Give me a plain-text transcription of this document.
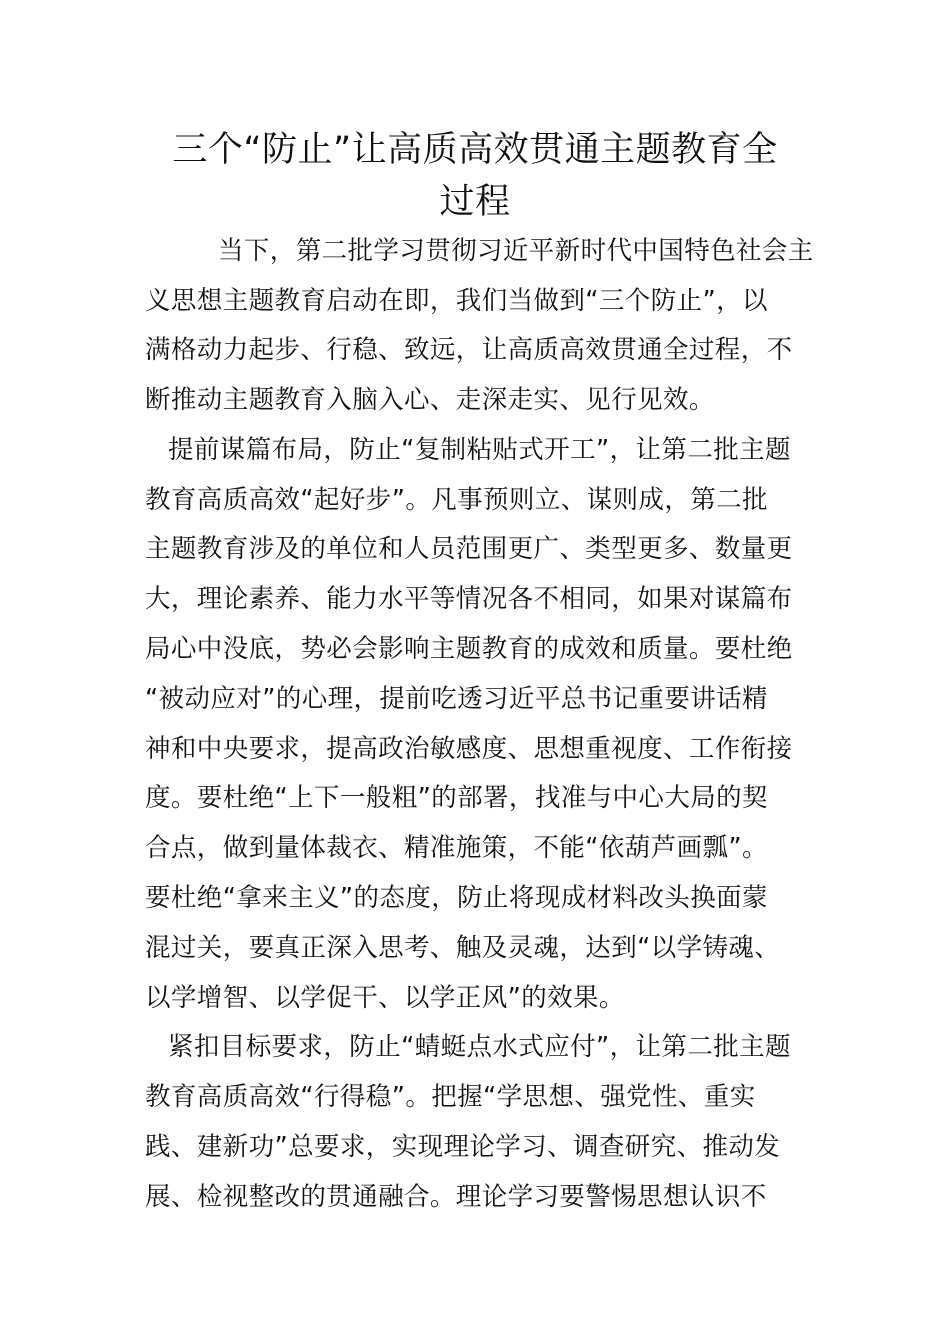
三个“防止”让高质高效贯通主题教育全
过程

当下，第二批学习贯彻习近平新时代中国特色社会主

义思想主题教育启动在即，我们当做到“三个防止”，以

满格动力起步、行稳、致远，让高质高效贯通全过程，不

断推动主题教育入脑入心、走深走实、见行见效。

提前谋篇布局，防止“复制粘贴式开工”，让第二批主题

教育高质高效“起好步”。凡事预则立、谋则成，第二批

主题教育涉及的单位和人员范围更广、类型更多、数量更

大，理论素养、能力水平等情况各不相同，如果对谋篇布

局心中没底，势必会影响主题教育的成效和质量。要杜绝

“被动应对”的心理，提前吃透习近平总书记重要讲话精

神和中央要求，提高政治敏感度、思想重视度、工作衔接

度。要杜绝“上下一般粗”的部署，找准与中心大局的契

合点，做到量体裁衣、精准施策，不能“依葫芦画瓢”。

要杜绝“拿来主义”的态度，防止将现成材料改头换面蒙

混过关，要真正深入思考、触及灵魂，达到“以学铸魂、

以学增智、以学促干、以学正风”的效果。

紧扣目标要求，防止“蜻蜓点水式应付”，让第二批主题

教育高质高效“行得稳”。把握“学思想、强党性、重实

践、建新功”总要求，实现理论学习、调查研究、推动发

展、检视整改的贯通融合。理论学习要警惕思想认识不
